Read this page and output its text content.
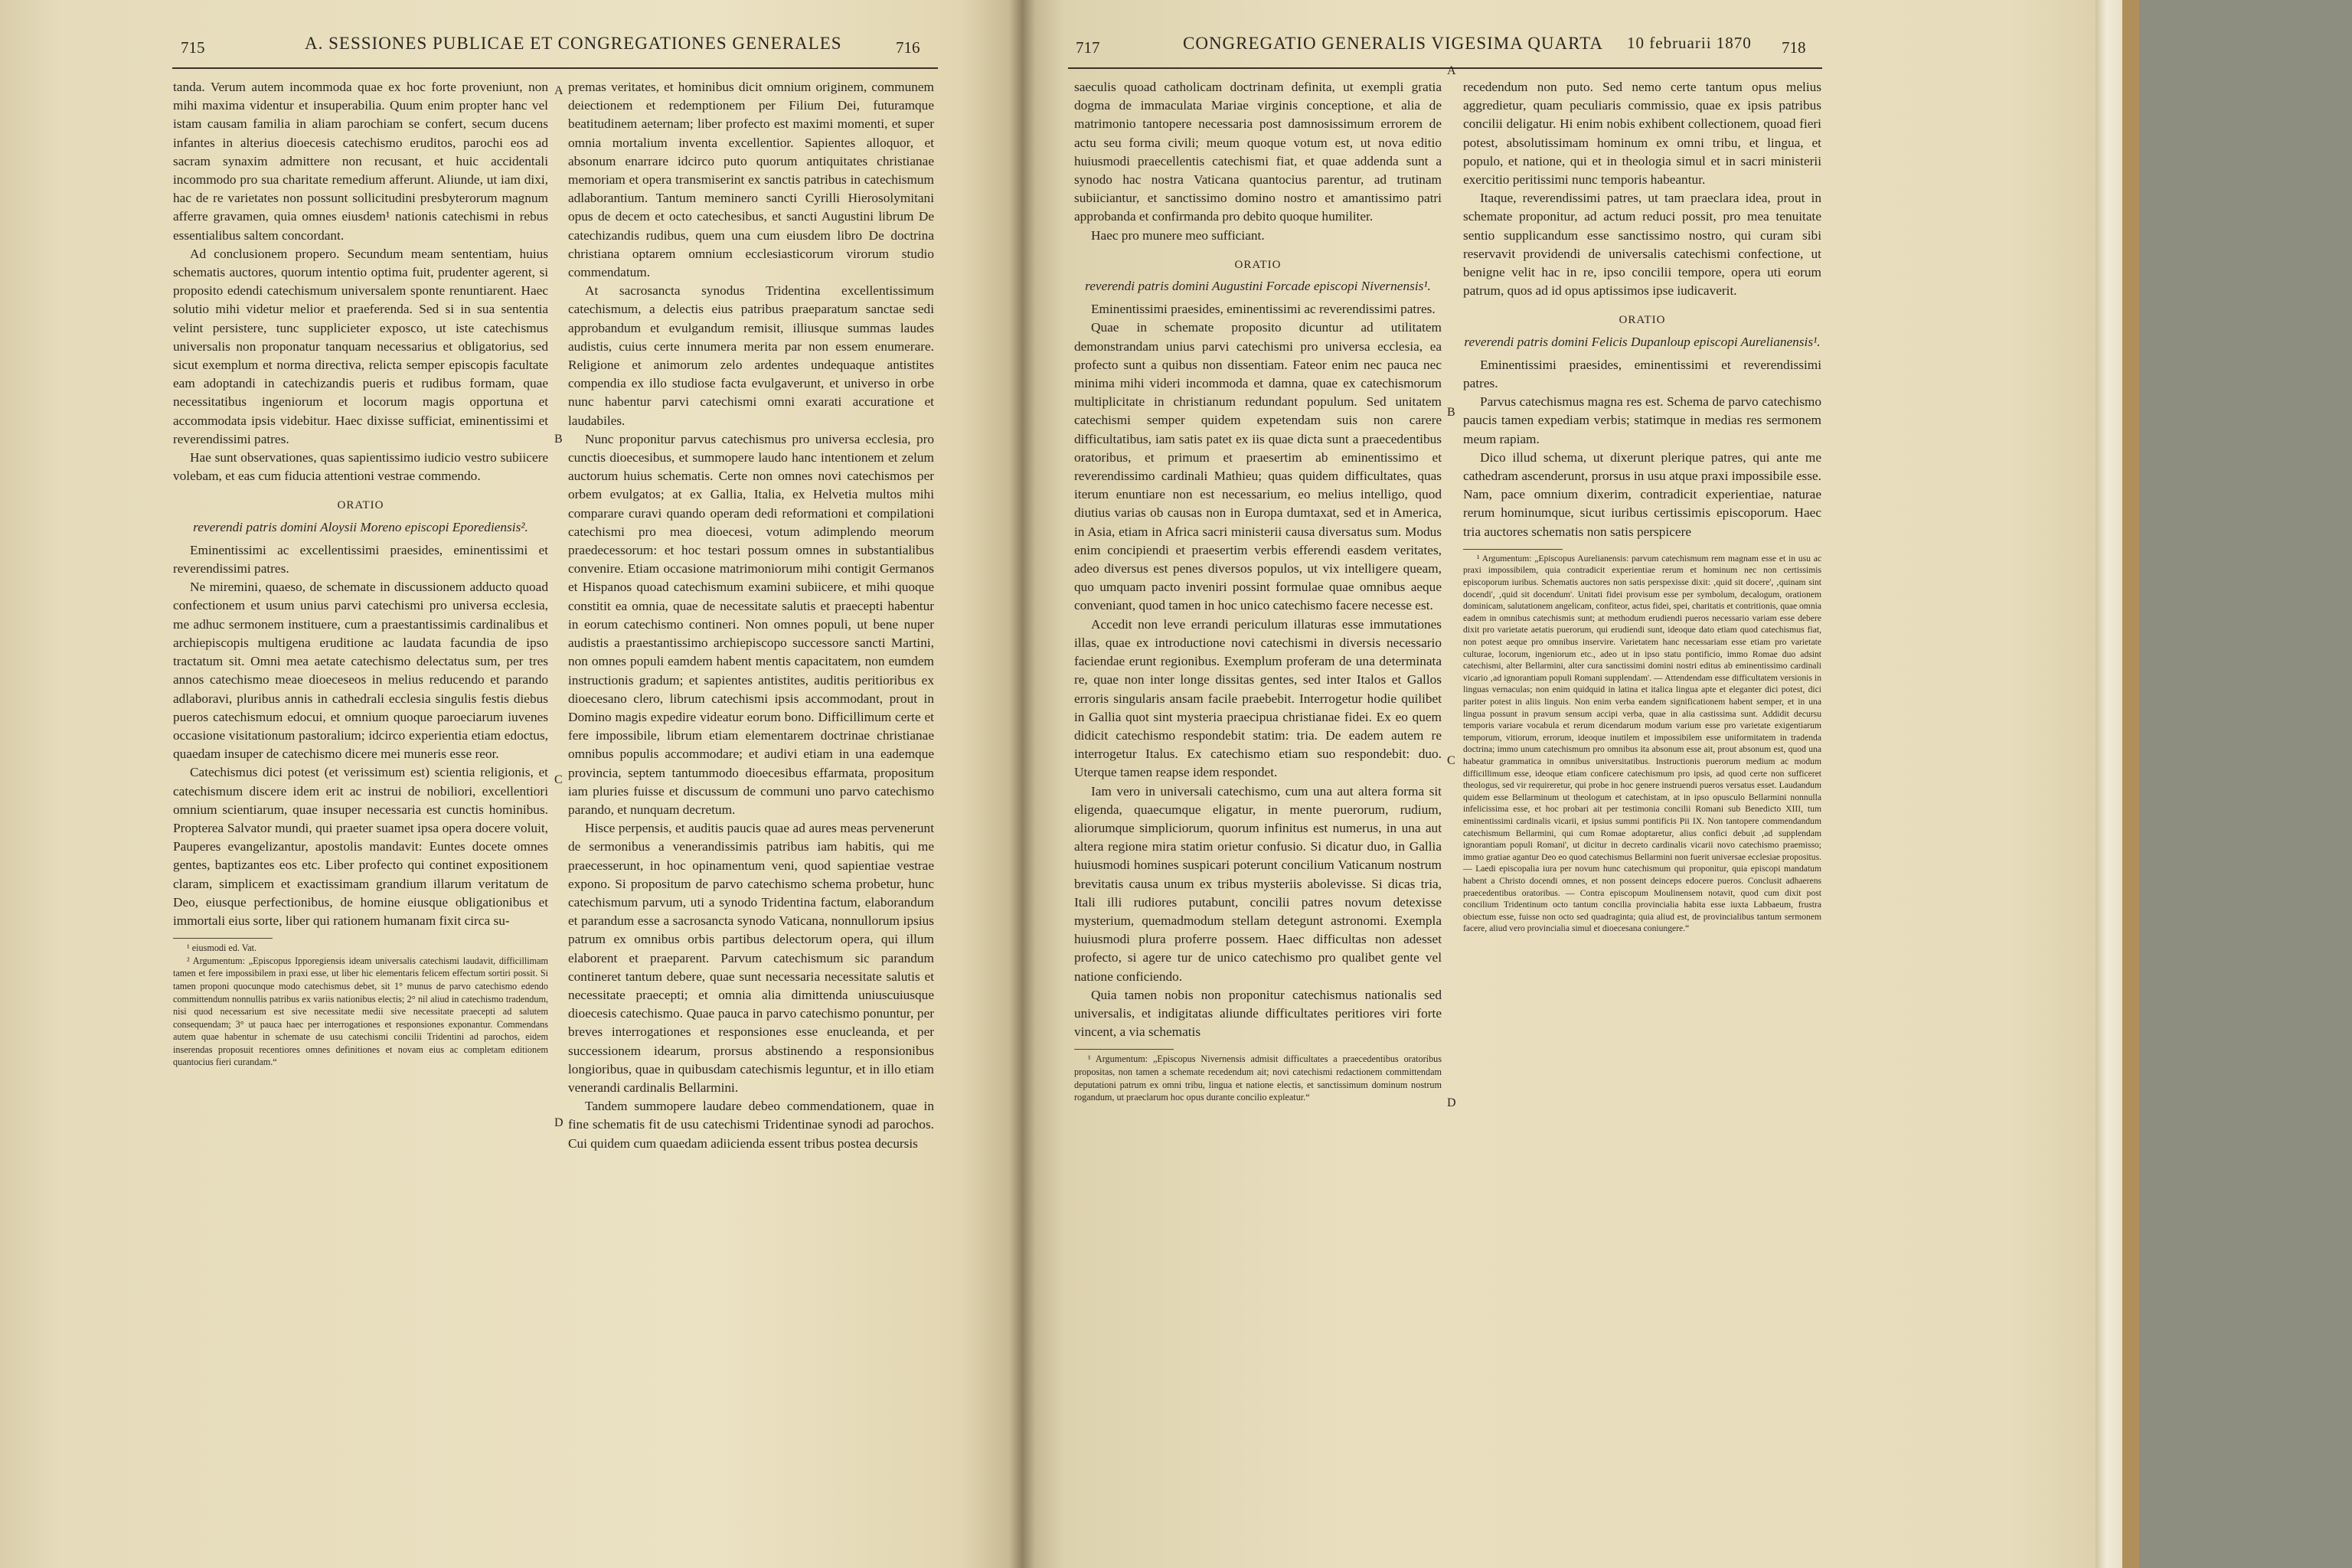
715	A. SESSIONES PUBLICAE ET CONGREGATIONES GENERALES	716

tanda. Verum autem incommoda quae ex hoc forte proveniunt, non mihi maxima videntur et insuperabilia. Quum enim propter hanc vel istam causam familia in aliam parochiam se confert, secum ducens infantes in alterius dioecesis catechismo eruditos, parochi eos ad sacram synaxim admittere non recusant, et huic accidentali incommodo pro sua charitate remedium afferunt. Aliunde, ut iam dixi, hac de re varietates non possunt sollicitudini presbyterorum magnum afferre gravamen, quia omnes eiusdem¹ nationis catechismi in rebus essentialibus saltem concordant.

Ad conclusionem propero. Secundum meam sententiam, huius schematis auctores, quorum intentio optima fuit, prudenter agerent, si proposito edendi catechismum universalem sponte renuntiarent. Haec solutio mihi videtur melior et praeferenda. Sed si in sua sententia velint persistere, tunc supplicieter exposco, ut iste catechismus universalis non proponatur tanquam necessarius et obligatorius, sed sicut exemplum et norma directiva, relicta semper episcopis facultate eam adoptandi in catechizandis pueris et rudibus formam, quae necessitatibus ingeniorum et locorum magis opportuna et accommodata ipsis videbitur. Haec dixisse sufficiat, eminentissimi et reverendissimi patres.

Hae sunt observationes, quas sapientissimo iudicio vestro subiicere volebam, et eas cum fiducia attentioni vestrae commendo.

ORATIO

reverendi patris domini Aloysii Moreno episcopi Eporediensis².

Eminentissimi ac excellentissimi praesides, eminentissimi et reverendissimi patres.

Ne miremini, quaeso, de schemate in discussionem adducto quoad confectionem et usum unius parvi catechismi pro universa ecclesia, me adhuc sermonem instituere, cum a praestantissimis cardinalibus et archiepiscopis multigena eruditione ac laudata facundia de ipso tractatum sit. Omni mea aetate catechismo delectatus sum, per tres annos catechismo meae dioeceseos in melius reducendo et parando adlaboravi, pluribus annis in cathedrali ecclesia singulis festis diebus pueros catechismum edocui, et omnium quoque paroeciarum iuvenes occasione visitationum pastoralium; idcirco experientia etiam edoctus, quaedam insuper de catechismo dicere mei muneris esse reor.

Catechismus dici potest (et verissimum est) scientia religionis, et catechismum discere idem erit ac instrui de nobiliori, excellentiori omnium scientiarum, quae insuper necessaria est cunctis hominibus. Propterea Salvator mundi, qui praeter suamet ipsa opera docere voluit, Pauperes evangelizantur, apostolis mandavit: Euntes docete omnes gentes, baptizantes eos etc. Liber profecto qui continet expositionem claram, simplicem et exactissimam grandium illarum veritatum de Deo, eiusque perfectionibus, de homine eiusque obligationibus et immortali eius sorte, liber qui rationem humanam fixit circa su-

¹ eiusmodi ed. Vat.

² Argumentum: „Episcopus Ipporegiensis ideam universalis catechismi laudavit, difficillimam tamen et fere impossibilem in praxi esse, ut liber hic elementaris felicem effectum sortiri possit. Si tamen proponi quocunque modo catechismus debet, sit 1° munus de parvo catechismo edendo committendum nonnullis patribus ex variis nationibus electis; 2° nil aliud in catechismo tradendum, nisi quod necessarium est sive necessitate medii sive necessitate praecepti ad salutem consequendam; 3° ut pauca haec per interrogationes et responsiones exponantur. Commendans autem quae habentur in schemate de usu catechismi concilii Tridentini ad parochos, eidem inserendas proposuit recentiores omnes definitiones et novam eius ac completam editionem quantocius fieri curandam.“

premas veritates, et hominibus dicit omnium originem, communem deiectionem et redemptionem per Filium Dei, futuramque beatitudinem aeternam; liber profecto est maximi momenti, et super omnia mortalium inventa excellentior. Sapientes alloquor, et absonum enarrare idcirco puto quorum antiquitates christianae memoriam et opera transmiserint ex sanctis patribus in catechismum adlaborantium. Tantum meminero sancti Cyrilli Hierosolymitani opus de decem et octo catechesibus, et sancti Augustini librum De catechizandis rudibus, quem una cum eiusdem libro De doctrina christiana optarem omnium ecclesiasticorum virorum studio commendatum.

At sacrosancta synodus Tridentina excellentissimum catechismum, a delectis eius patribus praeparatum sanctae sedi approbandum et evulgandum remisit, illiusque summas laudes audistis, cuius certe innumera merita par non essem enumerare. Religione et animorum zelo ardentes undequaque antistites compendia ex illo studiose facta evulgaverunt, et universo in orbe nunc habentur parvi catechismi omni exarati accuratione et laudabiles.

Nunc proponitur parvus catechismus pro universa ecclesia, pro cunctis dioecesibus, et summopere laudo hanc intentionem et zelum auctorum huius schematis. Certe non omnes novi catechismos per orbem evulgatos; at ex Gallia, Italia, ex Helvetia multos mihi comparare curavi quando operam dedi reformationi et compilationi catechismi pro mea dioecesi, votum adimplendo meorum praedecessorum: et hoc testari possum omnes in substantialibus convenire. Etiam occasione matrimoniorum mihi contigit Germanos et Hispanos quoad catechismum examini subiicere, et mihi quoque constitit ea omnia, quae de necessitate salutis et praecepti habentur in eorum catechismo contineri. Non omnes populi, ut bene nuper audistis a praestantissimo archiepiscopo successore sancti Martini, non omnes populi eamdem habent mentis capacitatem, non eumdem instructionis gradum; et sapientes antistites, auditis peritioribus ex dioecesano clero, librum catechismi ipsis accommodant, prout in Domino magis expedire videatur eorum bono. Difficillimum certe et fere impossibile, librum etiam elementarem doctrinae christianae omnibus populis accommodare; et audivi etiam in una eademque provincia, septem tantummodo dioecesibus effarmata, propositum iam pluries fuisse et discussum de communi uno parvo catechismo parando, et nunquam decretum.

Hisce perpensis, et auditis paucis quae ad aures meas pervenerunt de sermonibus a venerandissimis patribus iam habitis, qui me praecesserunt, in hoc opinamentum veni, quod sapientiae vestrae expono. Si propositum de parvo catechismo schema probetur, hunc catechismum parvum, uti a synodo Tridentina factum, elaborandum et parandum esse a sacrosancta synodo Vaticana, nonnullorum ipsius patrum ex omnibus orbis partibus delectorum opera, qui illum elaborent et praeparent. Parvum catechismum sic parandum contineret tantum debere, quae sunt necessaria necessitate salutis et necessitate praecepti; et omnia alia dimittenda uniuscuiusque dioecesis catechismo. Quae pauca in parvo catechismo ponuntur, per breves interrogationes et responsiones esse enucleanda, et per successionem idearum, prorsus abstinendo a responsionibus longioribus, quae in quibusdam catechismis leguntur, et in illo etiam venerandi cardinalis Bellarmini.

Tandem summopere laudare debeo commendationem, quae in fine schematis fit de usu catechismi Tridentinae synodi ad parochos. Cui quidem cum quaedam adiicienda essent tribus postea decursis

A
B
C
D
717	CONGREGATIO GENERALIS VIGESIMA QUARTA 10 februarii 1870 718

saeculis quoad catholicam doctrinam definita, ut exempli gratia dogma de immaculata Mariae virginis conceptione, et alia de matrimonio tantopere necessaria post damnosissimum errorem de actu seu forma civili; meum quoque votum est, ut nova editio huiusmodi praecellentis catechismi fiat, et quae addenda sunt a synodo hac nostra Vaticana quantocius parentur, ad trutinam subiiciantur, et sanctissimo domino nostro et amantissimo patri approbanda et confirmanda pro debito quoque humiliter.

Haec pro munere meo sufficiant.

ORATIO

reverendi patris domini Augustini Forcade episcopi Nivernensis¹.

Eminentissimi praesides, eminentissimi ac reverendissimi patres.

Quae in schemate proposito dicuntur ad utilitatem demonstrandam unius parvi catechismi pro universa ecclesia, ea profecto sunt a quibus non dissentiam. Fateor enim nec pauca nec minima mihi videri incommoda et damna, quae ex catechismorum multiplicitate in christianum redundant populum. Sed unitatem catechismi semper quidem expetendam suis non carere difficultatibus, iam satis patet ex iis quae dicta sunt a praecedentibus oratoribus, et primum et praesertim ab eminentissimo et reverendissimo cardinali Mathieu; quas quidem difficultates, quas iterum enuntiare non est necessarium, eo melius intelligo, quod diutius varias ob causas non in Europa dumtaxat, sed et in America, in Asia, etiam in Africa sacri ministerii causa diversatus sum. Modus enim concipiendi et praesertim verbis efferendi easdem veritates, adeo diversus est penes diversos populos, ut vix intelligere queam, quo umquam pacto inveniri possint formulae quae omnibus aeque conveniant, quod tamen in hoc unico catechismo facere necesse est.

Accedit non leve errandi periculum illaturas esse immutationes illas, quae ex introductione novi catechismi in diversis necessario faciendae erunt regionibus. Exemplum proferam de una determinata re, quae non inter longe dissitas gentes, sed inter Italos et Gallos erroris singularis ansam facile praebebit. Interrogetur hodie quilibet in Gallia quot sint mysteria praecipua christianae fidei. Ex eo quem didicit catechismo respondebit statim: tria. De eadem autem re interrogetur Italus. Ex catechismo etiam suo respondebit: duo. Uterque tamen reapse idem respondet.

Iam vero in universali catechismo, cum una aut altera forma sit eligenda, quaecumque eligatur, in mente puerorum, rudium, aliorumque simpliciorum, quorum infinitus est numerus, in una aut altera regione mira statim orietur confusio. Si dicatur duo, in Gallia huiusmodi homines suspicari poterunt concilium Vaticanum nostrum brevitatis causa unum ex tribus mysteriis abolevisse. Si dicas tria, Itali illi rudiores putabunt, concilii patres novum detexisse mysterium, quemadmodum stellam detegunt astronomi. Exempla huiusmodi plura proferre possem. Haec difficultas non adesset profecto, si agere tur de unico catechismo pro qualibet gente vel natione conficiendo.

Quia tamen nobis non proponitur catechismus nationalis sed universalis, et indigitatas aliunde difficultates peritiores viri forte vincent, a via schematis

¹ Argumentum: „Episcopus Nivernensis admisit difficultates a praecedentibus oratoribus propositas, non tamen a schemate recedendum ait; novi catechismi redactionem committendam deputationi patrum ex omni tribu, lingua et natione electis, et sanctissimum dominum nostrum rogandum, ut praeclarum hoc opus durante concilio expleatur.“

recedendum non puto. Sed nemo certe tantum opus melius aggredietur, quam peculiaris commissio, quae ex ipsis patribus concilii deligatur. Hi enim nobis exhibent collectionem, quoad fieri potest, absolutissimam hominum ex omni tribu, et lingua, et populo, et natione, qui et in theologia simul et in sacri ministerii exercitio peritissimi nunc temporis habeantur.

Itaque, reverendissimi patres, ut tam praeclara idea, prout in schemate proponitur, ad actum reduci possit, pro mea tenuitate sentio supplicandum esse sanctissimo nostro, qui curam sibi reservavit providendi de universalis catechismi confectione, ut benigne velit hac in re, ipso concilii tempore, opera uti eorum patrum, quos ad id opus aptissimos ipse iudicaverit.

ORATIO

reverendi patris domini Felicis Dupanloup episcopi Aurelianensis¹.

Eminentissimi praesides, eminentissimi et reverendissimi patres.

Parvus catechismus magna res est. Schema de parvo catechismo paucis tamen expediam verbis; statimque in medias res sermonem meum rapiam.

Dico illud schema, ut dixerunt plerique patres, qui ante me cathedram ascenderunt, prorsus in usu atque praxi impossibile esse. Nam, pace omnium dixerim, contradicit experientiae, naturae rerum hominumque, sicut iuribus certissimis episcoporum. Haec tria auctores schematis non satis perspicere

¹ Argumentum: „Episcopus Aurelianensis: parvum catechismum rem magnam esse et in usu ac praxi impossibilem, quia contradicit experientiae rerum et hominum nec non certissimis episcoporum iuribus. Schematis auctores non satis perspexisse dixit: ‚quid sit docere', ‚quinam sint docendi', ‚quid sit docendum'. Unitati fidei provisum esse per symbolum, decalogum, orationem dominicam, salutationem angelicam, confiteor, actus fidei, spei, charitatis et contritionis, quae omnia eadem in omnibus catechismis sunt; at methodum erudiendi pueros necessario variam esse debere dixit pro varietate aetatis puerorum, qui erudiendi sunt, ideoque dato etiam quod catechismus fiat, non potest aeque pro omnibus inservire. Varietatem hanc necessariam esse etiam pro varietate culturae, locorum, ingeniorum etc., adeo ut in ipso statu pontificio, immo Romae duo adsint catechismi, alter Bellarmini, alter cura sanctissimi domini nostri editus ab eminentissimo cardinali vicario ‚ad ignorantiam populi Romani supplendam'. — Attendendam esse difficultatem versionis in linguas vernaculas; non enim quidquid in latina et italica lingua apte et eleganter dici potest, dici pariter potest in aliis linguis. Non enim verba eandem significationem habent semper, et in una lingua possunt in pravum sensum accipi verba, quae in alia castissima sunt. Addidit decursu temporis variare vocabula et rerum dicendarum modum varium esse pro varietate exigentiarum temporum, vitiorum, errorum, ideoque inutilem et impossibilem esse uniformitatem in tradenda doctrina; immo unum catechismum pro omnibus ita absonum esse ait, prout absonum est, quod una habeatur grammatica in omnibus universitatibus. Instructionis puerorum medium ac modum difficillimum esse, ideoque etiam conficere catechismum pro ipsis, ad quod certe non sufficeret theologus, sed vir requireretur, qui probe in hoc genere instruendi pueros versatus esset. Laudandum quidem esse Bellarminum ut theologum et catechistam, at in ipso opusculo Bellarmini nonnulla infelicissima esse, et hoc probari ait per testimonia concilii Romani sub Benedicto XIII, tum eminentissimi cardinalis vicarii, et ipsius summi pontificis Pii IX. Non tantopere commendandum catechismum Bellarmini, qui cum Romae adoptaretur, alius confici debuit ‚ad supplendam ignorantiam populi Romani', ut dicitur in decreto cardinalis vicarii novo catechismo praemisso; immo gratiae agantur Deo eo quod catechismus Bellarmini non fuerit universae ecclesiae propositus. — Laedi episcopalia iura per novum hunc catechismum qui proponitur, quia episcopi mandatum habent a Christo docendi omnes, et non possent deinceps edocere pueros. Conclusit adhaerens praecedentibus oratoribus. — Contra episcopum Moulinensem notavit, quod cum dixit post concilium Tridentinum octo tantum concilia provincialia habita esse iuxta Labbaeum, frustra obiectum esse, fuisse non octo sed quadraginta; quia aliud est, de provincialibus tantum sermonem facere, aliud vero provincialia simul et dioecesana coniungere.“

A
B
C
D
